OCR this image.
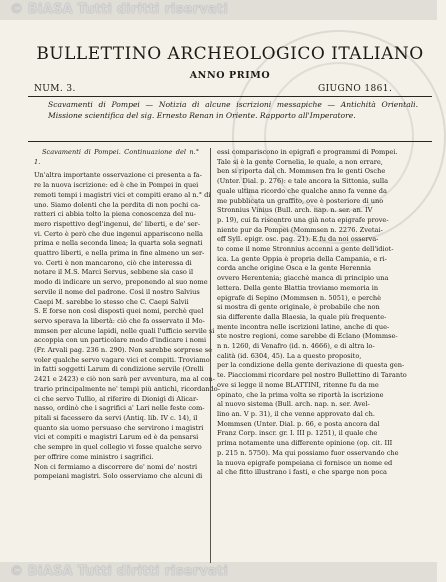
© BiASA Tutti diritti riservati
BULLETTINO ARCHEOLOGICO ITALIANO
ANNO PRIMO
NUM. 3.	GIUGNO 1861.
Scavamenti di Pompei — Notizia di alcune iscrizioni messapiche — Antichità Orientali. Missione scientifica del sig. Ernesto Renan in Oriente. Rapporto all'Imperatore.
Scavamenti di Pompei. Continuazione del n.° 1.
Un'altra importante osservazione ci presenta a fa-
re la nuova iscrizione: ed è che in Pompei in quei
remoti tempi i magistri vici et compiti erano al n.° di
uno. Siamo dolenti che la perdita di non pochi ca-
ratteri ci abbia tolto la piena conoscenza del nu-
mero rispettivo degl'ingenui, de' liberti, e de' ser-
vi. Certo è però che due ingenui appariscono nella
prima e nella seconda linea; la quarta sola segnati
quattro liberti, e nella prima in fine almeno un ser-
vo. Certi è non mancarono, ciò che interessa di
notare il M.S. Marci Servus, sebbene sia caso il
modo di indicare un servo, preponendo al suo nome
servile il nome del padrone. Così il nostro Salvius
Caepi M. sarebbe lo stesso che C. Caepi Salvii
S. E forse non così disposti quei nomi, perchè quel
servo sperava la libertà: ciò che fa osservato il Mo-
mmsen per alcune lapidi, nelle quali l'ufficio servile si
accoppia con un particolare modo d'indicare i nomi
(Fr. Arvali pag. 236 n. 290). Non sarebbe sorprese se
voler qualche servo vagare vici et compiti. Troviamo
in fatti soggetti Larum di condizione servile (Orelli
2421 e 2423) e ciò non sarà per avventura, ma al con-
trario principalmente ne' tempi più antichi, ricordando-
ci che servo Tullio, al riferire di Dionigi di Alicar-
nasso, ordinò che i sagrifici a' Lari nelle feste com-
pitali si facessero da servi (Antiq. lib. IV c. 14), il
quanto sia uomo persuaso che servirono i magistri
vici et compiti e magistri Larum ed è da pensarsi
che sempre in quel collegio vi fosse qualche servo
per offrire come ministro i sagrifici.
Non ci fermiamo a discorrere de' nomi de' nostri
pompeiani magistri. Solo osserviamo che alcuni di
essi compariscono in epigrafi e programmi di Pompei.
Tale si è la gente Cornelia, le quale, a non errare,
ben si riporta dal ch. Mommsen fra le genti Osche
(Unter. Dial. p. 276): e tale ancora la Sittonia, sulla
quale ultima ricordo che qualche anno fa venne da
me pubblicata un graffito, ove è posteriore di uno
Stronnius Vinius (Bull. arch. nap. n. ser. an. IV
p. 19), cui fa riscontro una già nota epigrafe prove-
niente pur da Pompei (Mommsen n. 2276. Zvetai-
eff Syll. epigr. osc. pag. 21). E fu da noi osserva-
to come il nome Stronnius accenni a gente dell'idiot-
ica. La gente Oppia è propria della Campania, e ri-
corda anche origine Osca e la gente Herennia
ovvero Herentenia; giacchè manca di principio una
lettera. Della gente Blattia troviamo memoria in
epigrafe di Sepino (Mommsen n. 5051), e perchè
si mostra di gente originale, è probabile che non
sia differente dalla Blaesia, la quale più frequente-
mente incontra nelle iscrizioni latine, anche di que-
ste nostre regioni, come sarebbe di Eclano (Mommse-
n n. 1260, di Venafro (id. n. 4666), e di altra lo-
calità (id. 6304, 45). La a questo proposito,
per la condizione della gente derivazione di questa gen-
te. Piacciommi ricordare pel nostro Bullettino di Taranto
ove si legge il nome BLATTINI, ritenne fu da me
opinato, che la prima volta se riportà la iscrizione
al nuovo sistema (Bull. arch. nap. n. ser. Avel-
lino an. V p. 31), il che venne approvato dal ch.
Mommsen (Unter. Dial. p. 66, e posta ancora dal
Franz Corp. inscr. gr. I. III p. 1251), il quale che
prima notamente una differente opinione (op. cit. III
p. 215 n. 5750). Ma qui possiamo fuor osservando che
la nuova epigrafe pompeiana ci fornisce un nome ed
al che fitto illustrano i fasti, e che sparge non poca
© BiASA Tutti diritti riservati
